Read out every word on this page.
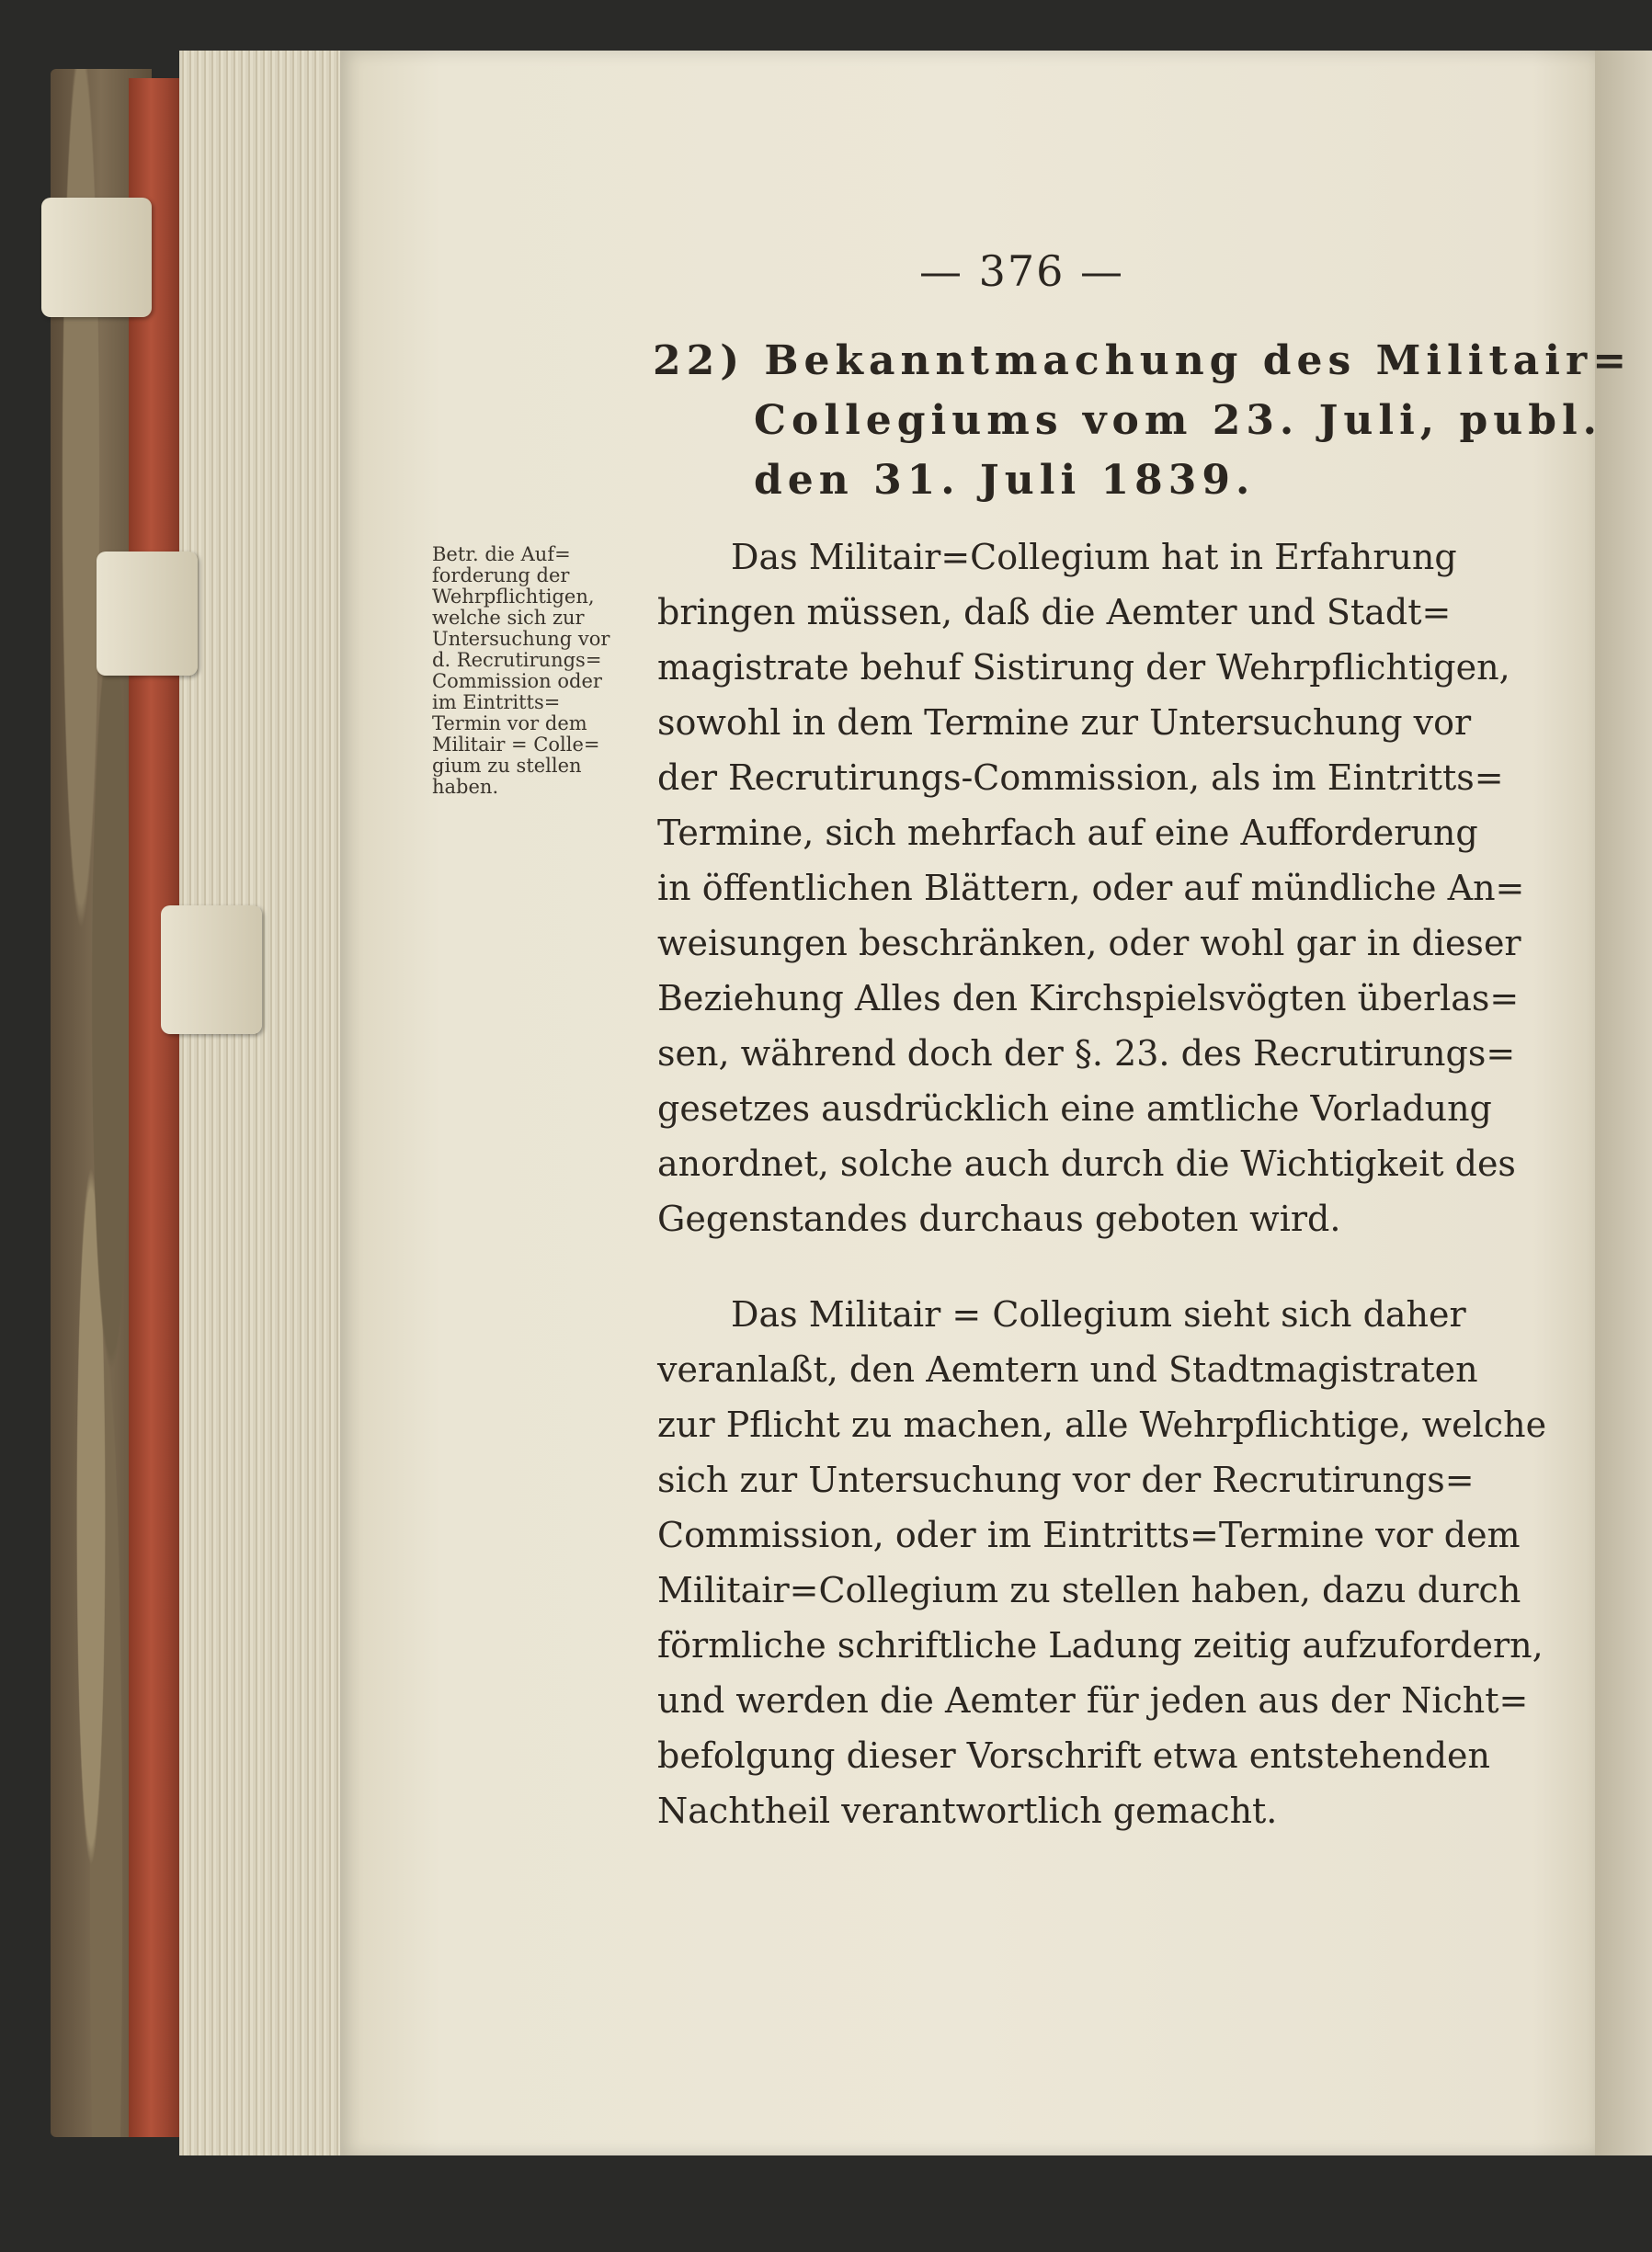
— 376 —
22) Bekanntmachung des Militair=
Collegiums vom 23. Juli, publ.
den 31. Juli 1839.
Betr. die Auf=
forderung der
Wehrpflichtigen,
welche sich zur
Untersuchung vor
d. Recrutirungs=
Commission oder
im Eintritts=
Termin vor dem
Militair = Colle=
gium zu stellen
haben.
Das Militair=Collegium hat in Erfahrung
bringen müssen, daß die Aemter und Stadt=
magistrate behuf Sistirung der Wehrpflichtigen,
sowohl in dem Termine zur Untersuchung vor
der Recrutirungs-Commission, als im Eintritts=
Termine, sich mehrfach auf eine Aufforderung
in öffentlichen Blättern, oder auf mündliche An=
weisungen beschränken, oder wohl gar in dieser
Beziehung Alles den Kirchspielsvögten überlas=
sen, während doch der §. 23. des Recrutirungs=
gesetzes ausdrücklich eine amtliche Vorladung
anordnet, solche auch durch die Wichtigkeit des
Gegenstandes durchaus geboten wird.
Das Militair = Collegium sieht sich daher
veranlaßt, den Aemtern und Stadtmagistraten
zur Pflicht zu machen, alle Wehrpflichtige, welche
sich zur Untersuchung vor der Recrutirungs=
Commission, oder im Eintritts=Termine vor dem
Militair=Collegium zu stellen haben, dazu durch
förmliche schriftliche Ladung zeitig aufzufordern,
und werden die Aemter für jeden aus der Nicht=
befolgung dieser Vorschrift etwa entstehenden
Nachtheil verantwortlich gemacht.
